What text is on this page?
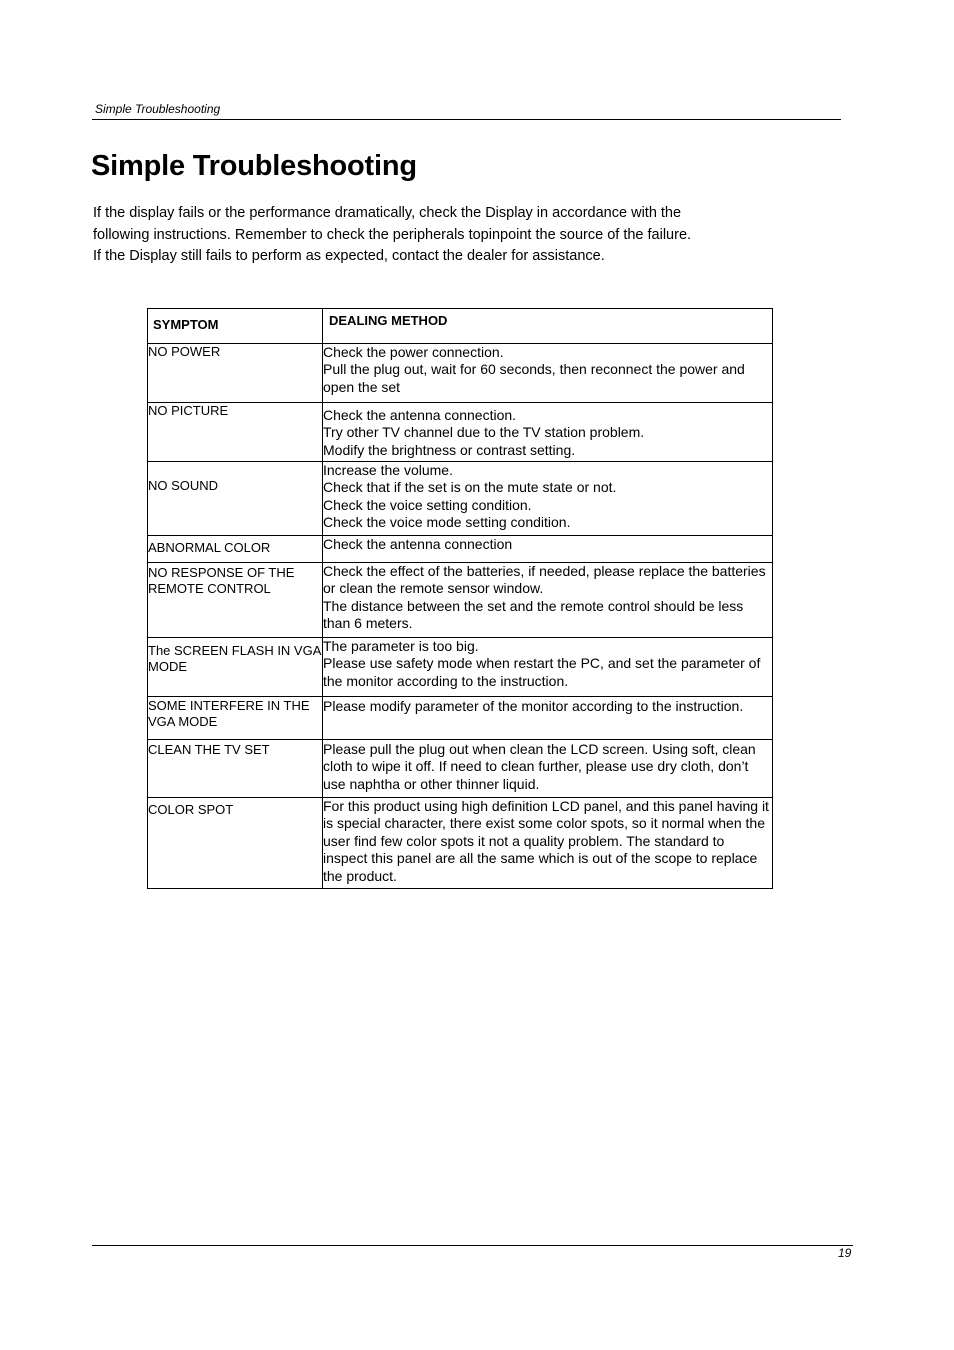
Simple Troubleshooting
Simple Troubleshooting

If the display fails or the performance dramatically, check the Display in accordance with the
following instructions. Remember to check the peripherals topinpoint the source of the failure.
If the Display still fails to perform as expected, contact the dealer for assistance.

SYMPTOM	DEALING METHOD
NO POWER	Check the power connection.
Pull the plug out, wait for 60 seconds, then reconnect the power and open the set

NO PICTURE	Check the antenna connection.
Try other TV channel due to the TV station problem.
Modify the brightness or contrast setting.

NO SOUND	Increase the volume.
Check that if the set is on the mute state or not.
Check the voice setting condition.
Check the voice mode setting condition.

ABNORMAL COLOR	Check the antenna connection

NO RESPONSE OF THE REMOTE CONTROL	Check the effect of the batteries, if needed, please replace the batteries or clean the remote sensor window.
The distance between the set and the remote control should be less than 6 meters.

The SCREEN FLASH IN VGA MODE	The parameter is too big.
Please use safety mode when restart the PC, and set the parameter of the monitor according to the instruction.

SOME INTERFERE IN THE VGA MODE	Please modify parameter of the monitor according to the instruction.

CLEAN THE TV SET	Please pull the plug out when clean the LCD screen. Using soft, clean cloth to wipe it off. If need to clean further, please use dry cloth, don’t use naphtha or other thinner liquid.

COLOR SPOT	For this product using high definition LCD panel, and this panel having it is special character, there exist some color spots, so it normal when the user find few color spots it not a quality problem. The standard to inspect this panel are all the same which is out of the scope to replace the product.
19
